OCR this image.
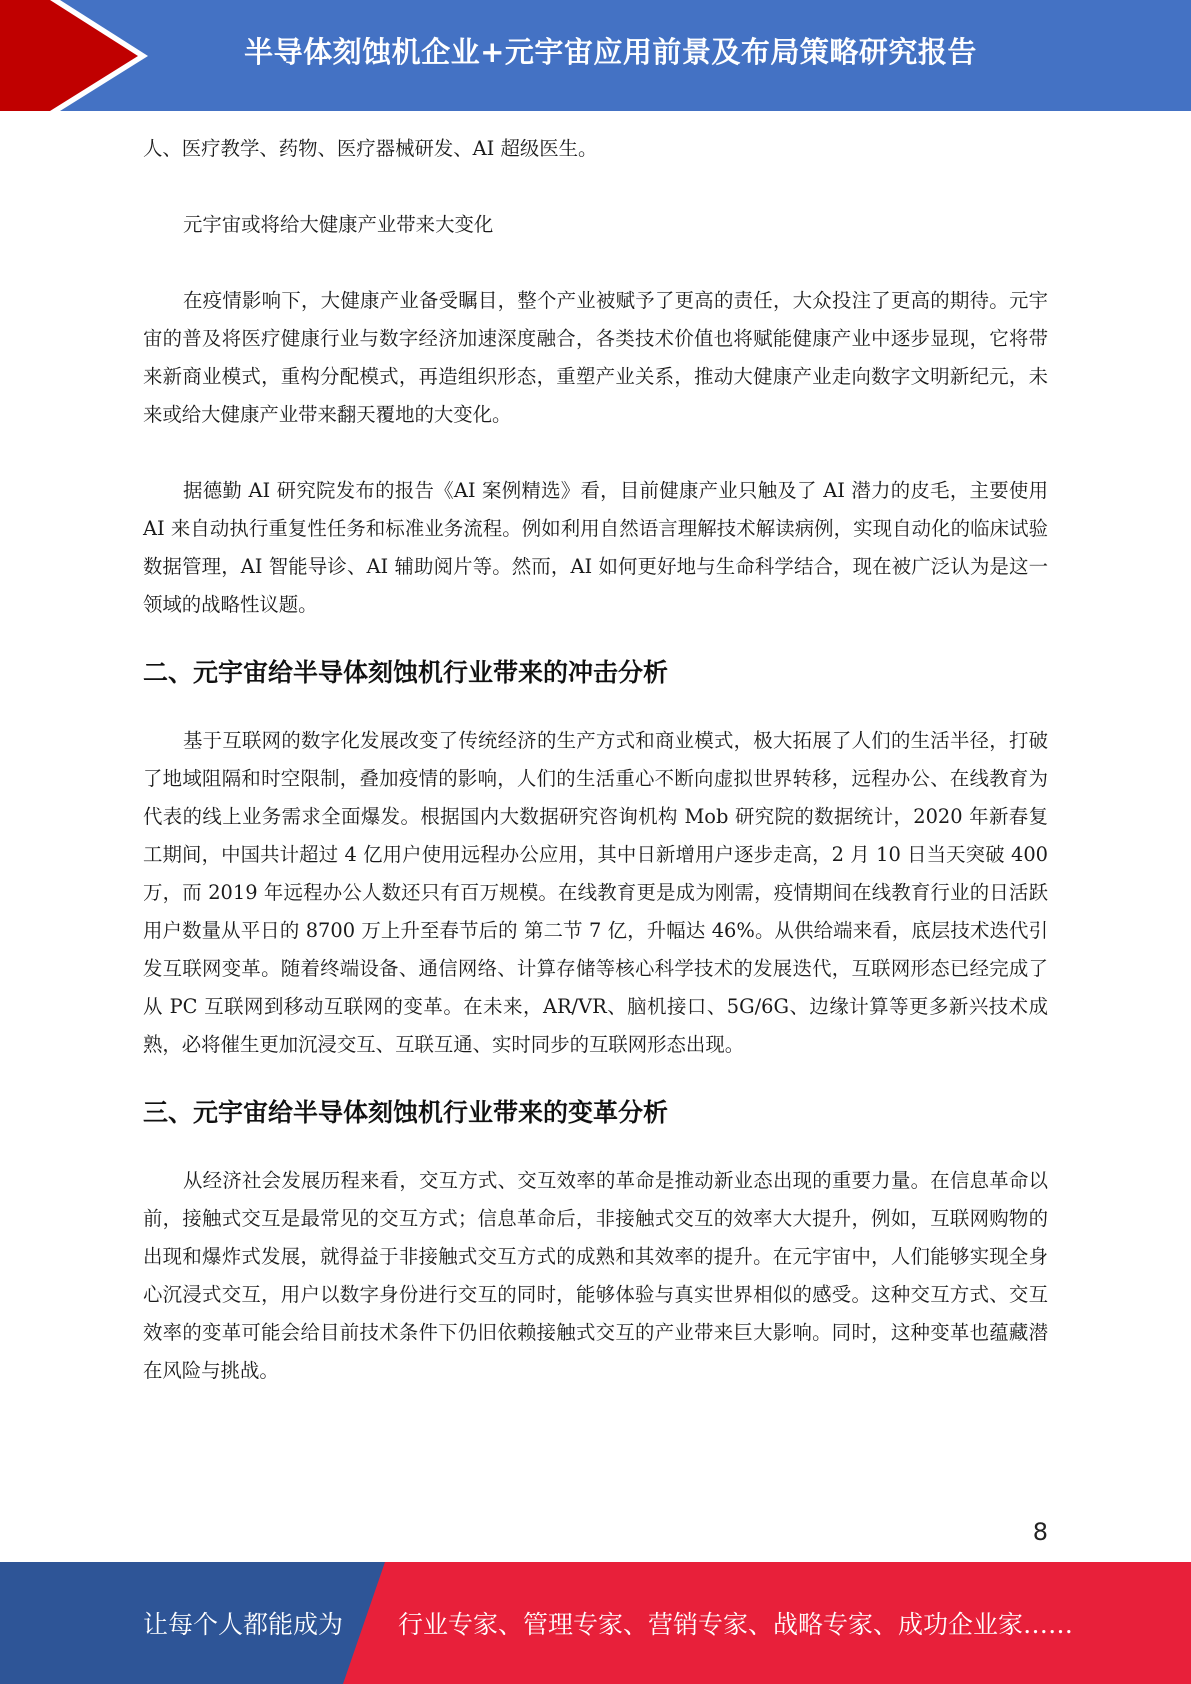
半导体刻蚀机企业+元宇宙应用前景及布局策略研究报告

人、医疗教学、药物、医疗器械研发、AI 超级医生。

元宇宙或将给大健康产业带来大变化

在疫情影响下，大健康产业备受瞩目，整个产业被赋予了更高的责任，大众投注了更高的期待。元宇宙的普及将医疗健康行业与数字经济加速深度融合，各类技术价值也将赋能健康产业中逐步显现，它将带来新商业模式，重构分配模式，再造组织形态，重塑产业关系，推动大健康产业走向数字文明新纪元，未来或给大健康产业带来翻天覆地的大变化。

据德勤 AI 研究院发布的报告《AI 案例精选》看，目前健康产业只触及了 AI 潜力的皮毛，主要使用 AI 来自动执行重复性任务和标准业务流程。例如利用自然语言理解技术解读病例，实现自动化的临床试验数据管理，AI 智能导诊、AI 辅助阅片等。然而，AI 如何更好地与生命科学结合，现在被广泛认为是这一领域的战略性议题。

二、元宇宙给半导体刻蚀机行业带来的冲击分析

基于互联网的数字化发展改变了传统经济的生产方式和商业模式，极大拓展了人们的生活半径，打破了地域阻隔和时空限制，叠加疫情的影响，人们的生活重心不断向虚拟世界转移，远程办公、在线教育为代表的线上业务需求全面爆发。根据国内大数据研究咨询机构 Mob 研究院的数据统计，2020 年新春复工期间，中国共计超过 4 亿用户使用远程办公应用，其中日新增用户逐步走高，2 月 10 日当天突破 400 万，而 2019 年远程办公人数还只有百万规模。在线教育更是成为刚需，疫情期间在线教育行业的日活跃用户数量从平日的 8700 万上升至春节后的 第二节 7 亿，升幅达 46%。从供给端来看，底层技术迭代引发互联网变革。随着终端设备、通信网络、计算存储等核心科学技术的发展迭代，互联网形态已经完成了从 PC 互联网到移动互联网的变革。在未来，AR/VR、脑机接口、5G/6G、边缘计算等更多新兴技术成熟，必将催生更加沉浸交互、互联互通、实时同步的互联网形态出现。

三、元宇宙给半导体刻蚀机行业带来的变革分析

从经济社会发展历程来看，交互方式、交互效率的革命是推动新业态出现的重要力量。在信息革命以前，接触式交互是最常见的交互方式；信息革命后，非接触式交互的效率大大提升，例如，互联网购物的出现和爆炸式发展，就得益于非接触式交互方式的成熟和其效率的提升。在元宇宙中，人们能够实现全身心沉浸式交互，用户以数字身份进行交互的同时，能够体验与真实世界相似的感受。这种交互方式、交互效率的变革可能会给目前技术条件下仍旧依赖接触式交互的产业带来巨大影响。同时，这种变革也蕴藏潜在风险与挑战。

8
让每个人都能成为 行业专家、管理专家、营销专家、战略专家、成功企业家……
